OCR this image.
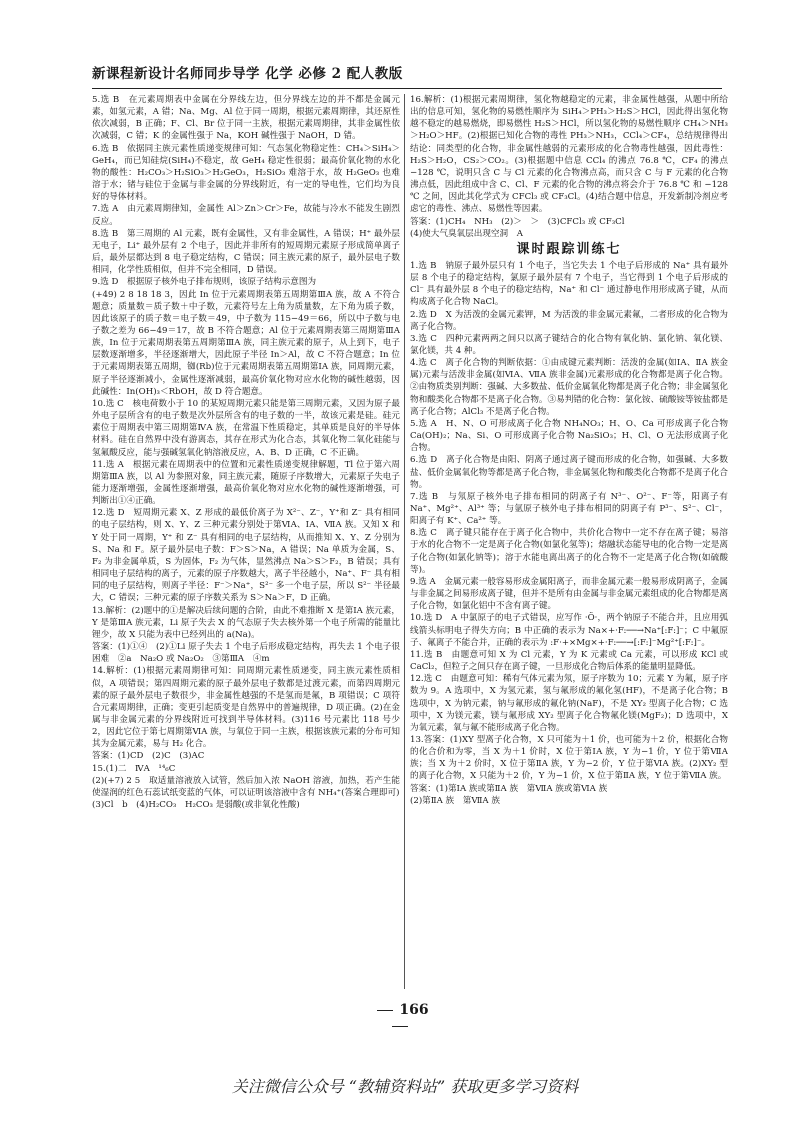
新课程新设计名师同步导学 化学 必修 2 配人教版

5.选 B　在元素周期表中金属在分界线左边，但分界线左边的并不都是金属元素，如氢元素，A 错；Na、Mg、Al 位于同一周期，根据元素周期律，其还原性依次减弱，B 正确；F、Cl、Br 位于同一主族，根据元素周期律，其非金属性依次减弱，C 错；K 的金属性强于 Na，KOH 碱性强于 NaOH，D 错。

6.选 B　依据同主族元素性质递变规律可知：气态氢化物稳定性：CH₄＞SiH₄＞GeH₄，而已知硅烷(SiH₄)不稳定，故 GeH₄ 稳定性很弱；最高价氧化物的水化物的酸性：H₂CO₃＞H₂SiO₃＞H₂GeO₃，H₂SiO₃ 难溶于水，故 H₂GeO₃ 也难溶于水；锗与硅位于金属与非金属的分界线附近，有一定的导电性，它们均为良好的导体材料。

7.选 A　由元素周期律知，金属性 Al＞Zn＞Cr＞Fe，故能与冷水不能发生剧烈反应。

8.选 B　第三周期的 Al 元素，既有金属性，又有非金属性，A 错误；H⁺ 最外层无电子，Li⁺ 最外层有 2 个电子，因此并非所有的短周期元素原子形成简单离子后，最外层都达到 8 电子稳定结构，C 错误；同主族元素的原子，最外层电子数相同，化学性质相似，但并不完全相同，D 错误。

9.选 D　根据原子核外电子排布规则，该原子结构示意图为

(+49) 2 8 18 18 3，因此 In 位于元素周期表第五周期第ⅢA 族，故 A 不符合题意；质量数＝质子数＋中子数，元素符号左上角为质量数，左下角为质子数，因此该原子的质子数＝电子数＝49，中子数为 115−49＝66，所以中子数与电子数之差为 66−49＝17，故 B 不符合题意；Al 位于元素周期表第三周期第ⅢA 族，In 位于元素周期表第五周期第ⅢA 族，同主族元素的原子，从上到下，电子层数逐渐增多，半径逐渐增大，因此原子半径 In＞Al，故 C 不符合题意；In 位于元素周期表第五周期，铷(Rb)位于元素周期表第五周期第ⅠA 族，同周期元素，原子半径逐渐减小，金属性逐渐减弱，最高价氧化物对应水化物的碱性越弱，因此碱性：In(OH)₃＜RbOH，故 D 符合题意。

10.选 C　核电荷数小于 10 的某短周期元素只能是第三周期元素，又因为原子最外电子层所含有的电子数是次外层所含有的电子数的一半，故该元素是硅。硅元素位于周期表中第三周期第ⅣA 族，在常温下性质稳定，其单质是良好的半导体材料。硅在自然界中没有游离态，其存在形式为化合态，其氧化物二氧化硅能与氢氟酸反应，能与强碱氢氧化钠溶液反应，A、B、D 正确，C 不正确。

11.选 A　根据元素在周期表中的位置和元素性质递变规律解题，Tl 位于第六周期第ⅢA 族，以 Al 为参照对象，同主族元素，随原子序数增大，元素原子失电子能力逐渐增强，金属性逐渐增强，最高价氧化物对应水化物的碱性逐渐增强，可判断出①④正确。

12.选 D　短周期元素 X、Z 形成的最低价离子为 X²⁻、Z⁻，Y⁺和 Z⁻ 具有相同的电子层结构，则 X、Y、Z 三种元素分别处于第ⅥA、ⅠA、ⅦA 族。又知 X 和 Y 处于同一周期，Y⁺ 和 Z⁻ 具有相同的电子层结构，从而推知 X、Y、Z 分别为 S、Na 和 F。原子最外层电子数：F＞S＞Na，A 错误；Na 单质为金属，S、F₂ 为非金属单质，S 为固体，F₂ 为气体，显然沸点 Na＞S＞F₂，B 错误；具有相同电子层结构的离子，元素的原子序数越大，离子半径越小，Na⁺、F⁻ 具有相同的电子层结构，则离子半径：F⁻＞Na⁺，S²⁻ 多一个电子层，所以 S²⁻ 半径最大，C 错误；三种元素的原子序数关系为 S＞Na＞F，D 正确。

13.解析：(2)题中的①是解决后续问题的合阶，由此不难推断 X 是第ⅠA 族元素，Y 是第ⅢA 族元素，Li 原子失去 X 的气态原子失去核外第一个电子所需的能量比锂少，故 X 只能为表中已经列出的 a(Na)。

答案：(1)①④　(2)①Li 原子失去 1 个电子后形成稳定结构，再失去 1 个电子很困难　②a　Na₂O 或 Na₂O₂　③第ⅢA　④m

14.解析：(1)根据元素周期律可知：同周期元素性质递变，同主族元素性质相似，A 项错误；第四周期元素的原子最外层电子数都是过渡元素，而第四周期元素的原子最外层电子数很少，非金属性越强的不是氢而是氟，B 项错误；C 项符合元素周期律，正确；变更引起质变是自然界中的普遍规律，D 项正确。(2)在金属与非金属元素的分界线附近可找到半导体材料。(3)116 号元素比 118 号少 2，因此它位于第七周期第ⅥA 族，与氧位于同一主族，根据该族元素的分布可知其为金属元素，易与 H₂ 化合。

答案：(1)CD　(2)C　(3)AC

15.(1)二　ⅣA　¹⁴₆C

(2)(+7) 2 5　取适量溶液放入试管，然后加入浓 NaOH 溶液，加热，若产生能使湿润的红色石蕊试纸变蓝的气体，可以证明该溶液中含有 NH₄⁺(答案合理即可)

(3)Cl　b　(4)H₂CO₃　H₂CO₃ 是弱酸(或非氧化性酸)

16.解析：(1)根据元素周期律，氢化物越稳定的元素，非金属性越强，从题中所给出的信息可知，氢化物的易燃性顺序为 SiH₄＞PH₃＞H₂S＞HCl，因此得出氢化物越不稳定的越易燃烧，即易燃性 H₂S＞HCl，所以氢化物的易燃性顺序 CH₄＞NH₃＞H₂O＞HF。(2)根据已知化合物的毒性 PH₃＞NH₃，CCl₄＞CF₄，总结规律得出结论：同类型的化合物，非金属性越弱的元素形成的化合物毒性越强，因此毒性：H₂S＞H₂O，CS₂＞CO₂。(3)根据题中信息 CCl₄ 的沸点 76.8 ℃，CF₄ 的沸点−128 ℃，说明只含 C 与 Cl 元素的化合物沸点高，而只含 C 与 F 元素的化合物沸点低，因此组成中含 C、Cl、F 元素的化合物的沸点将会介于 76.8 ℃ 和 −128 ℃ 之间，因此其化学式为 CFCl₃ 或 CF₃Cl。(4)结合题中信息，开发新制冷剂应考虑它的毒性、沸点、易燃性等因素。

答案：(1)CH₄　NH₃　(2)＞　＞　(3)CFCl₃ 或 CF₃Cl

(4)使大气臭氧层出现空洞　A

课时跟踪训练七

1.选 B　钠原子最外层只有 1 个电子，当它失去 1 个电子后形成的 Na⁺ 具有最外层 8 个电子的稳定结构，氯原子最外层有 7 个电子，当它得到 1 个电子后形成的 Cl⁻ 具有最外层 8 个电子的稳定结构，Na⁺ 和 Cl⁻ 通过静电作用形成离子键，从而构成离子化合物 NaCl。

2.选 D　X 为活泼的金属元素钾，M 为活泼的非金属元素氟，二者形成的化合物为离子化合物。

3.选 C　四种元素两两之间只以离子键结合的化合物有氧化钠、氯化钠、氧化镁、氯化镁，共 4 种。

4.选 C　离子化合物的判断依据：①由成键元素判断：活泼的金属(如ⅠA、ⅡA 族金属)元素与活泼非金属(如ⅥA、ⅦA 族非金属)元素形成的化合物都是离子化合物。②由物质类别判断：强碱、大多数盐、低价金属氧化物都是离子化合物；非金属氢化物和酸类化合物都不是离子化合物。③易判错的化合物：氯化铵、硫酸铵等铵盐都是离子化合物；AlCl₃ 不是离子化合物。

5.选 A　H、N、O 可形成离子化合物 NH₄NO₃；H、O、Ca 可形成离子化合物 Ca(OH)₂；Na、Si、O 可形成离子化合物 Na₂SiO₃；H、Cl、O 无法形成离子化合物。

6.选 D　离子化合物是由阳、阴离子通过离子键而形成的化合物，如强碱、大多数盐、低价金属氧化物等都是离子化合物，非金属氢化物和酸类化合物都不是离子化合物。

7.选 B　与氖原子核外电子排布相同的阴离子有 N³⁻、O²⁻、F⁻等，阳离子有 Na⁺、Mg²⁺、Al³⁺ 等；与氩原子核外电子排布相同的阴离子有 P³⁻、S²⁻、Cl⁻，阳离子有 K⁺、Ca²⁺ 等。

8.选 C　离子键只能存在于离子化合物中，共价化合物中一定不存在离子键；易溶于水的化合物不一定是离子化合物(如氯化氢等)；熔融状态能导电的化合物一定是离子化合物(如氯化钠等)；溶于水能电离出离子的化合物不一定是离子化合物(如硫酸等)。

9.选 A　金属元素一般容易形成金属阳离子，而非金属元素一般易形成阴离子，金属与非金属之间易形成离子键，但并不是所有由金属与非金属元素组成的化合物都是离子化合物，如氯化铝中不含有离子键。

10.选 D　A 中氯原子的电子式错误，应写作 ·Ö·，两个钠原子不能合并，且应用弧线箭头标明电子得失方向；B 中正确的表示为 Na×+·F:──→Na⁺[:F:]⁻；C 中氟原子、氟离子不能合并，正确的表示为 :F·+×Mg×+·F:──→[:F:]⁻Mg²⁺[:F:]⁻。

11.选 B　由题意可知 X 为 Cl 元素，Y 为 K 元素或 Ca 元素，可以形成 KCl 或 CaCl₂，但粒子之间只存在离子键，一旦形成化合物后体系的能量明显降低。

12.选 C　由题意可知：稀有气体元素为氖，原子序数为 10；元素 Y 为氟，原子序数为 9。A 选项中，X 为氢元素，氢与氟形成的氟化氢(HF)，不是离子化合物；B 选项中，X 为钠元素，钠与氟形成的氟化钠(NaF)，不是 XY₂ 型离子化合物；C 选项中，X 为镁元素，镁与氟形成 XY₂ 型离子化合物氟化镁(MgF₂)；D 选项中，X 为氧元素，氧与氟不能形成离子化合物。

13.答案：(1)XY 型离子化合物，X 只可能为＋1 价，也可能为＋2 价，根据化合物的化合价和为零，当 X 为＋1 价时，X 位于第ⅠA 族，Y 为−1 价，Y 位于第ⅦA 族；当 X 为＋2 价时，X 位于第ⅡA 族，Y 为−2 价，Y 位于第ⅥA 族。(2)XY₂ 型的离子化合物，X 只能为＋2 价，Y 为−1 价，X 位于第ⅡA 族，Y 位于第ⅦA 族。

答案：(1)第ⅠA 族或第ⅡA 族　第ⅦA 族或第ⅥA 族

(2)第ⅡA 族　第ⅦA 族

166
关注微信公众号 “教辅资料站” 获取更多学习资料
